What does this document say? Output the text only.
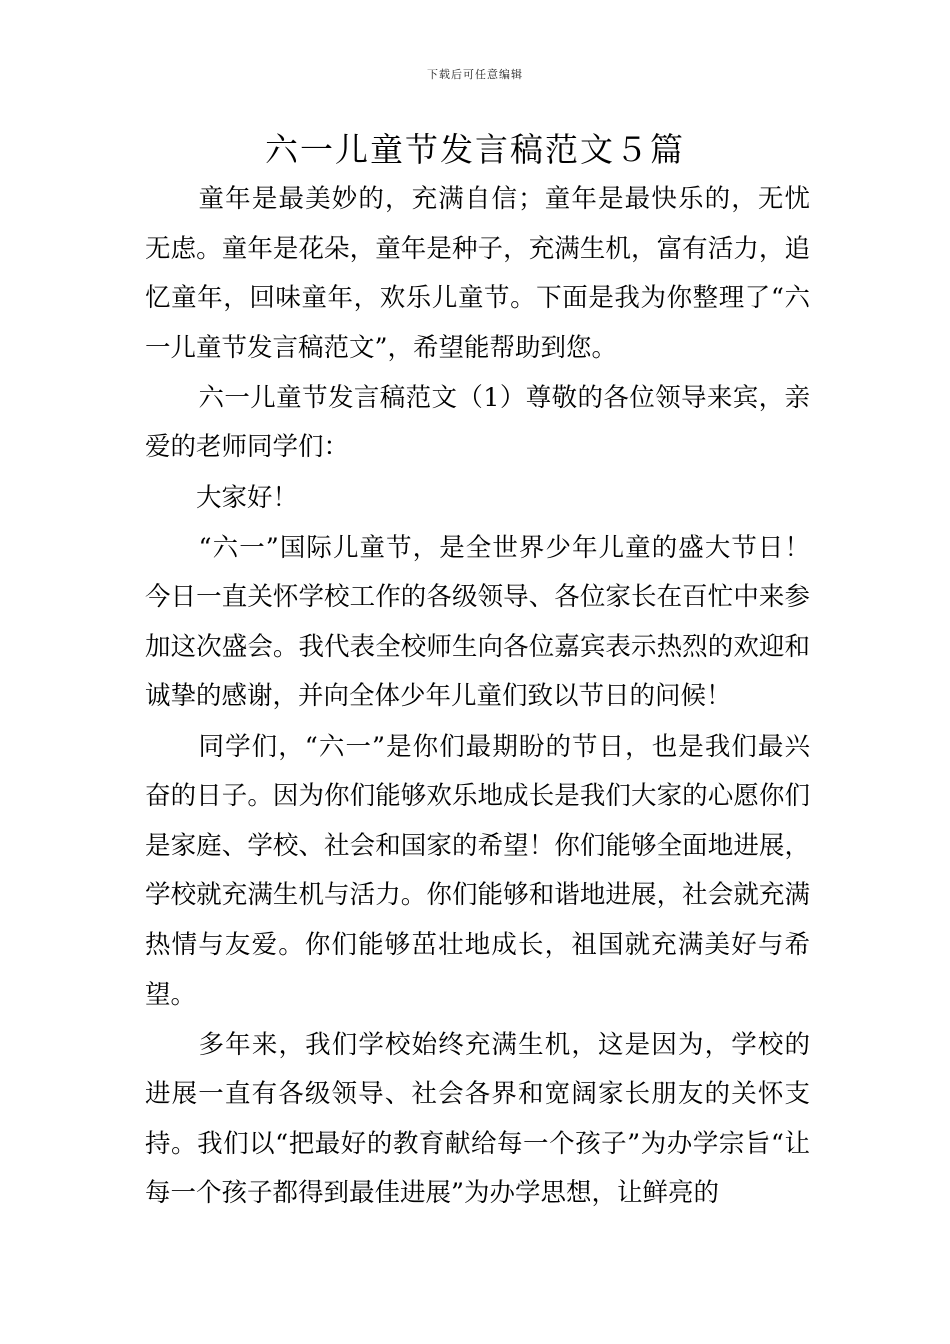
下载后可任意编辑
六一儿童节发言稿范文５篇

童年是最美妙的，充满自信；童年是最快乐的，无忧无虑。童年是花朵，童年是种子，充满生机，富有活力，追忆童年，回味童年，欢乐儿童节。下面是我为你整理了“六一儿童节发言稿范文”，希望能帮助到您。

六一儿童节发言稿范文（1）尊敬的各位领导来宾，亲爱的老师同学们：

大家好！

“六一”国际儿童节，是全世界少年儿童的盛大节日！今日一直关怀学校工作的各级领导、各位家长在百忙中来参加这次盛会。我代表全校师生向各位嘉宾表示热烈的欢迎和诚挚的感谢，并向全体少年儿童们致以节日的问候！

同学们，“六一”是你们最期盼的节日，也是我们最兴奋的日子。因为你们能够欢乐地成长是我们大家的心愿你们是家庭、学校、社会和国家的希望！你们能够全面地进展，学校就充满生机与活力。你们能够和谐地进展，社会就充满热情与友爱。你们能够茁壮地成长，祖国就充满美好与希望。

多年来，我们学校始终充满生机，这是因为，学校的进展一直有各级领导、社会各界和宽阔家长朋友的关怀支持。我们以“把最好的教育献给每一个孩子”为办学宗旨“让每一个孩子都得到最佳进展”为办学思想，让鲜亮的
